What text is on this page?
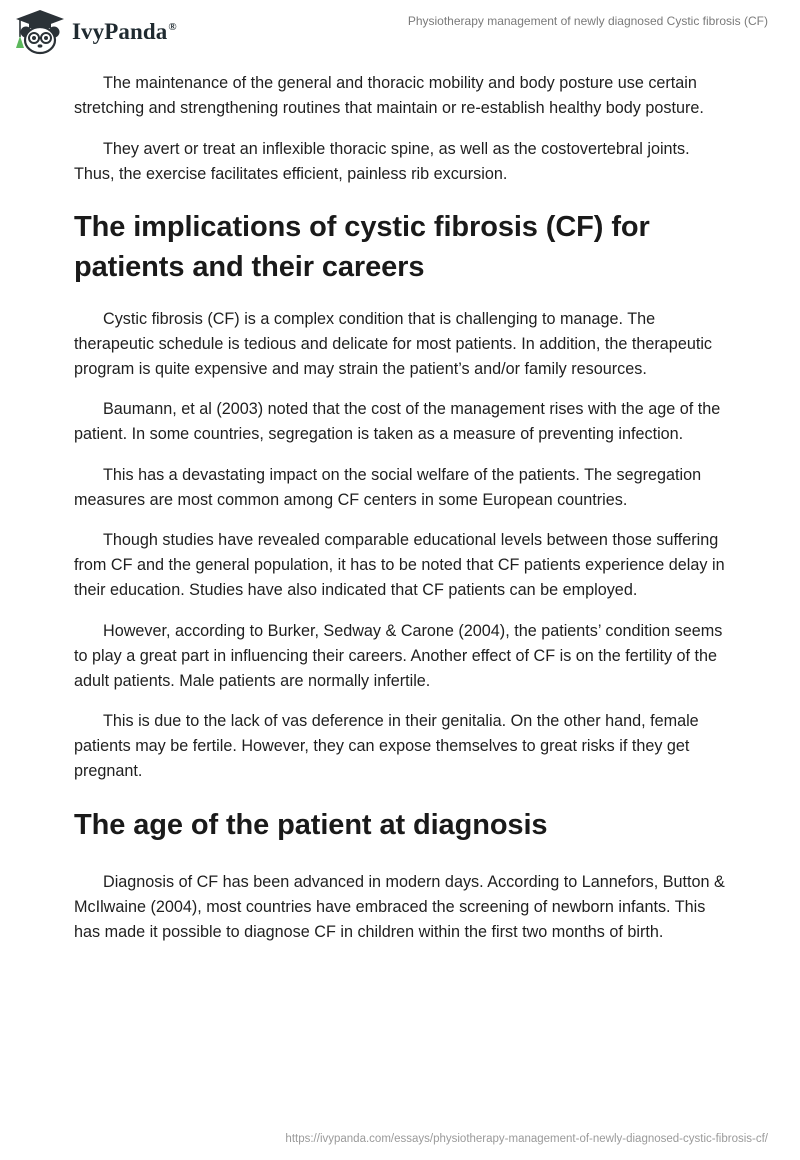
IvyPanda®	Physiotherapy management of newly diagnosed Cystic fibrosis (CF)

The maintenance of the general and thoracic mobility and body posture use certain stretching and strengthening routines that maintain or re-establish healthy body posture.

They avert or treat an inflexible thoracic spine, as well as the costovertebral joints. Thus, the exercise facilitates efficient, painless rib excursion.

The implications of cystic fibrosis (CF) for patients and their careers

Cystic fibrosis (CF) is a complex condition that is challenging to manage. The therapeutic schedule is tedious and delicate for most patients. In addition, the therapeutic program is quite expensive and may strain the patient’s and/or family resources.

Baumann, et al (2003) noted that the cost of the management rises with the age of the patient. In some countries, segregation is taken as a measure of preventing infection.

This has a devastating impact on the social welfare of the patients. The segregation measures are most common among CF centers in some European countries.

Though studies have revealed comparable educational levels between those suffering from CF and the general population, it has to be noted that CF patients experience delay in their education. Studies have also indicated that CF patients can be employed.

However, according to Burker, Sedway & Carone (2004), the patients’ condition seems to play a great part in influencing their careers. Another effect of CF is on the fertility of the adult patients. Male patients are normally infertile.

This is due to the lack of vas deference in their genitalia. On the other hand, female patients may be fertile. However, they can expose themselves to great risks if they get pregnant.

The age of the patient at diagnosis

Diagnosis of CF has been advanced in modern days. According to Lannefors, Button & McIlwaine (2004), most countries have embraced the screening of newborn infants. This has made it possible to diagnose CF in children within the first two months of birth.

https://ivypanda.com/essays/physiotherapy-management-of-newly-diagnosed-cystic-fibrosis-cf/
